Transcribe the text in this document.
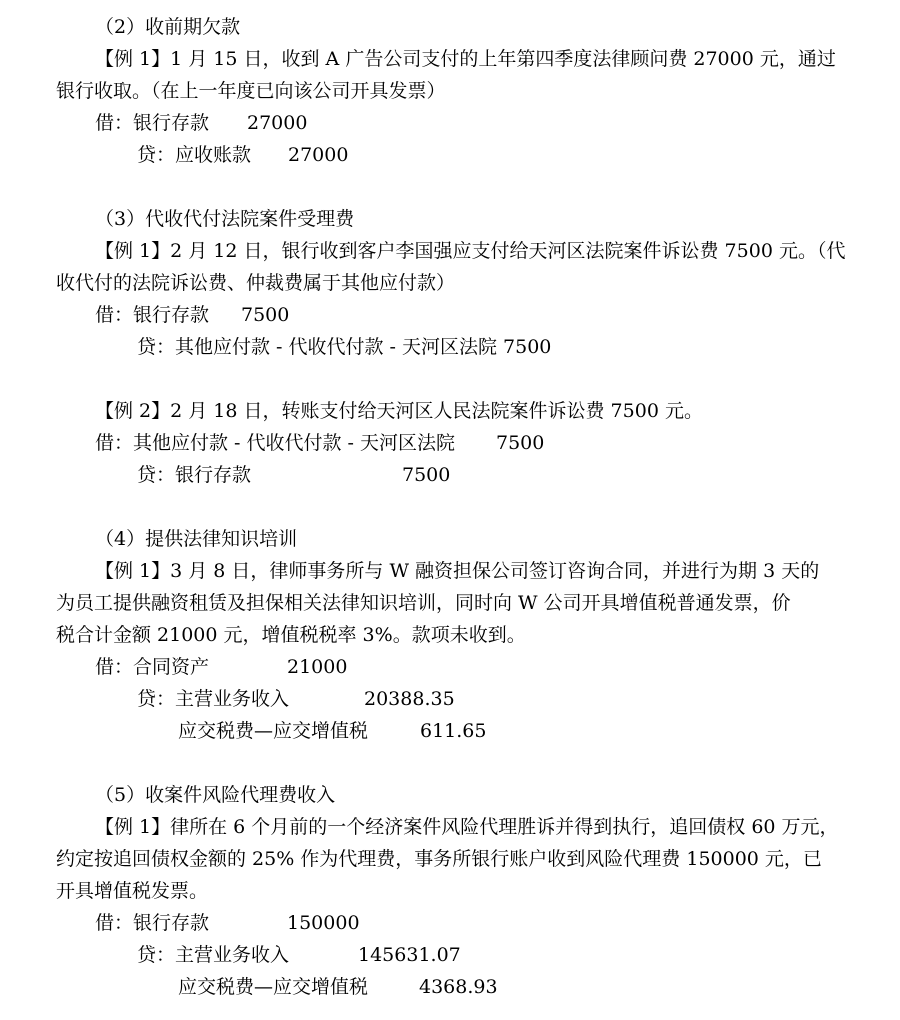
（2）收前期欠款
【例 1】1 月 15 日，收到 A 广告公司支付的上年第四季度法律顾问费 27000 元，通过
银行收取。（在上一年度已向该公司开具发票）
借：银行存款 27000
贷：应收账款 27000
（3）代收代付法院案件受理费
【例 1】2 月 12 日，银行收到客户李国强应支付给天河区法院案件诉讼费 7500 元。（代
收代付的法院诉讼费、仲裁费属于其他应付款）
借：银行存款 7500
贷：其他应付款 - 代收代付款 - 天河区法院 7500
【例 2】2 月 18 日，转账支付给天河区人民法院案件诉讼费 7500 元。
借：其他应付款 - 代收代付款 - 天河区法院 7500
贷：银行存款	7500
（4）提供法律知识培训
【例 1】3 月 8 日，律师事务所与 W 融资担保公司签订咨询合同，并进行为期 3 天的
为员工提供融资租赁及担保相关法律知识培训，同时向 W 公司开具增值税普通发票，价
税合计金额 21000 元，增值税税率 3%。款项未收到。
借：合同资产	21000
贷：主营业务收入	20388.35
应交税费—应交增值税	611.65
（5）收案件风险代理费收入
【例 1】律所在 6 个月前的一个经济案件风险代理胜诉并得到执行，追回债权 60 万元，
约定按追回债权金额的 25% 作为代理费，事务所银行账户收到风险代理费 150000 元，已
开具增值税发票。
借：银行存款	150000
贷：主营业务收入	145631.07
应交税费—应交增值税	4368.93
